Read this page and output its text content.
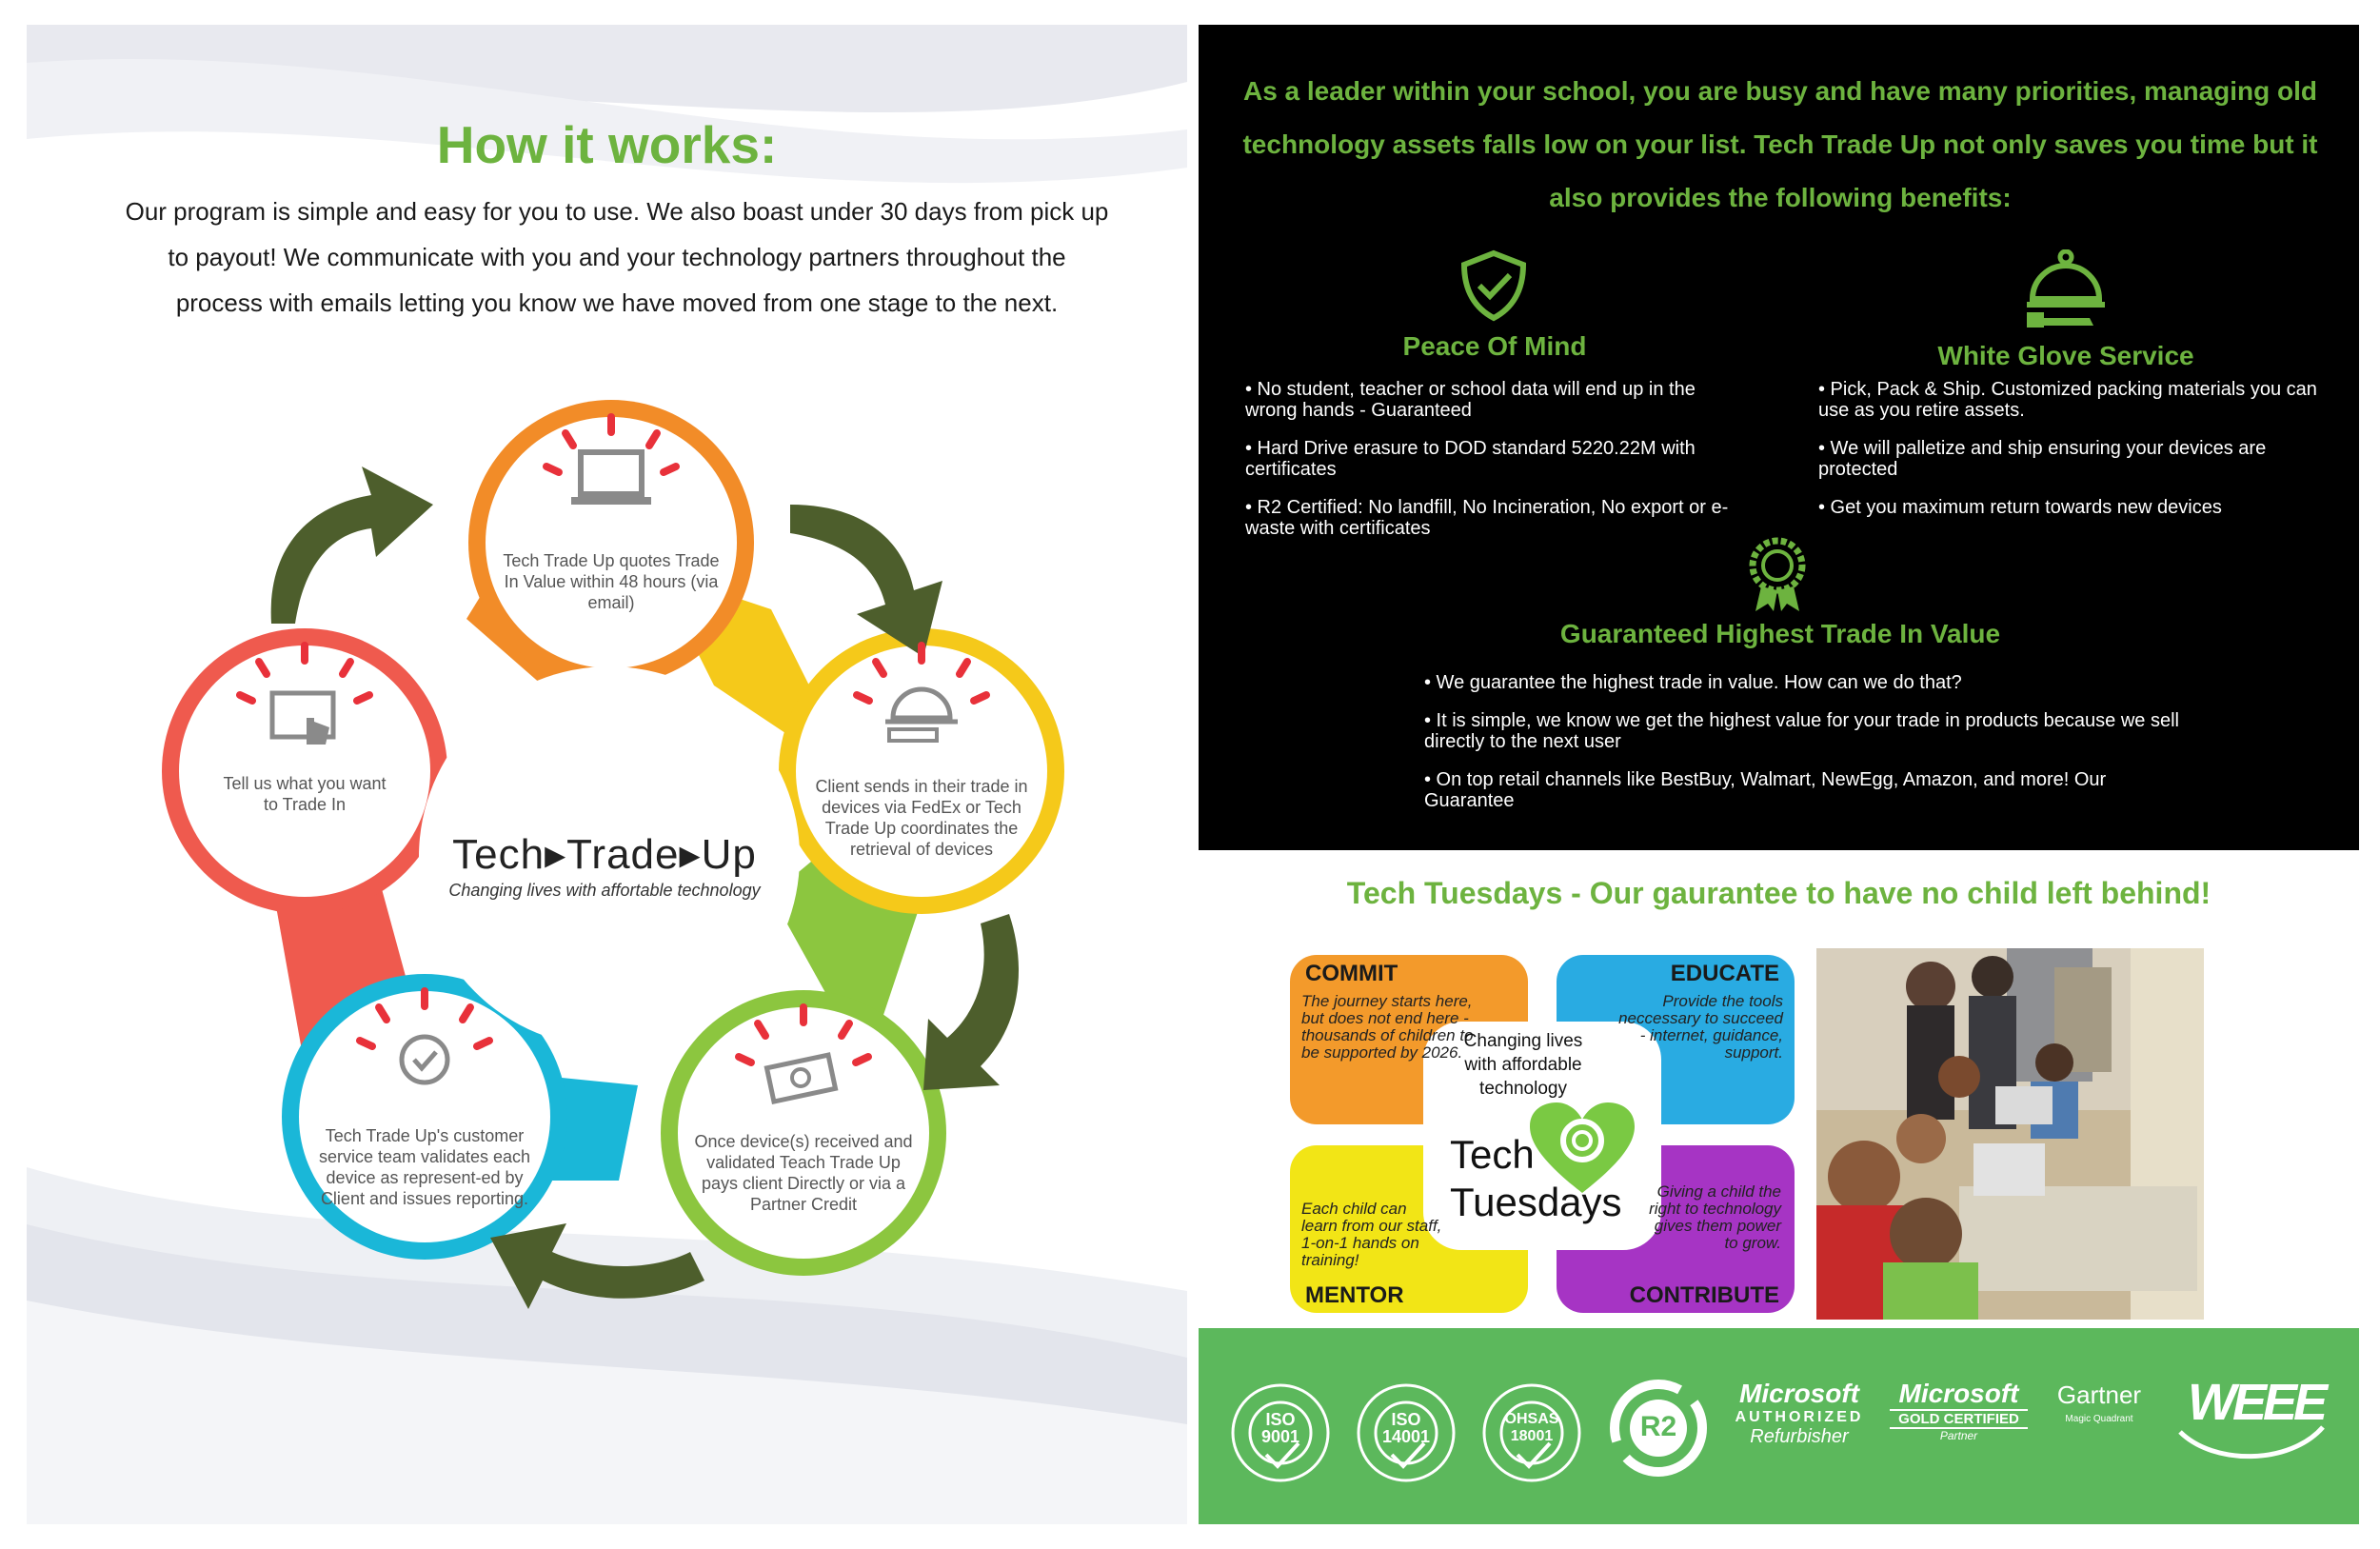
How it works:
Our program is simple and easy for you to use. We also boast under 30 days from pick up to payout! We communicate with you and your technology partners throughout the process with emails letting you know we have moved from one stage to the next.
Tech Trade Up quotes Trade In Value within 48 hours (via email)
Client sends in their trade in devices via FedEx or Tech Trade Up coordinates the retrieval of devices
Once device(s) received and validated Teach Trade Up pays client Directly or via a Partner Credit
Tech Trade Up's customer service team validates each device as represent-ed by Client and issues reporting.
Tell us what you want to Trade In
Tech▸Trade▸Up
Changing lives with affortable technology
As a leader within your school, you are busy and have many priorities, managing old technology assets falls low on your list. Tech Trade Up not only saves you time but it also provides the following benefits:
Peace Of Mind
• No student, teacher or school data will end up in the wrong hands - Guaranteed
• Hard Drive erasure to DOD standard 5220.22M with certificates
• R2 Certified: No landfill, No Incineration, No export or e-waste with certificates
White Glove Service
• Pick, Pack & Ship. Customized packing materials you can use as you retire assets.
• We will palletize and ship ensuring your devices are protected
• Get you maximum return towards new devices
Guaranteed Highest Trade In Value
• We guarantee the highest trade in value. How can we do that?
• It is simple, we know we get the highest value for your trade in products because we sell directly to the next user
• On top retail channels like BestBuy, Walmart, NewEgg, Amazon, and more! Our Guarantee
Tech Tuesdays - Our gaurantee to have no child left behind!
COMMIT
The journey starts here, but does not end here - thousands of children to be supported by 2026.
EDUCATE
Provide the tools neccessary to succeed - internet, guidance, support.
Each child can learn from our staff, 1-on-1 hands on training!
MENTOR
Giving a child the right to technology gives them power to grow.
CONTRIBUTE
Changing lives with affordable technology
Tech
Tuesdays
ISO 9001
ISO 14001
OHSAS 18001	R2
Microsoft
AUTHORIZED
Refurbisher
Microsoft
GOLD CERTIFIED
Partner
Gartner
Magic Quadrant	WEEE
